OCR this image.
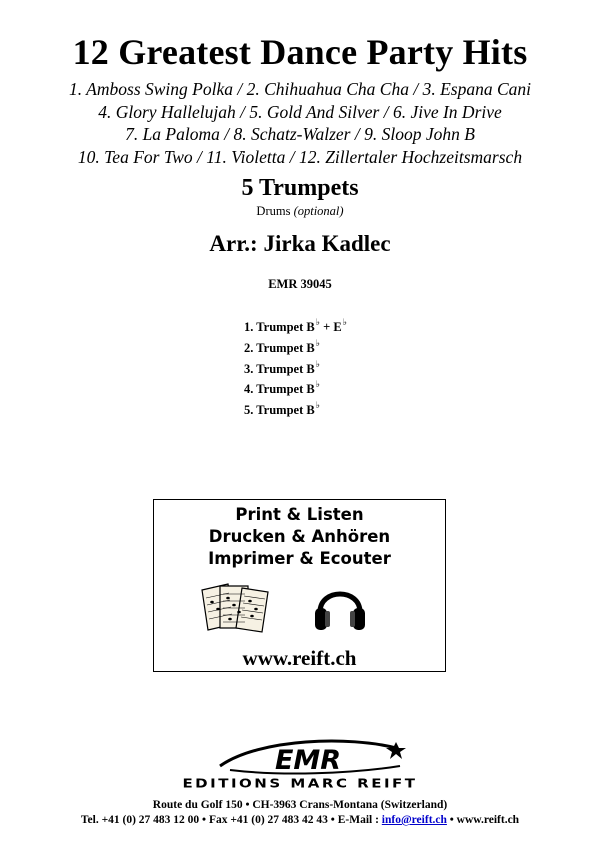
12 Greatest Dance Party Hits
1. Amboss Swing Polka / 2. Chihuahua Cha Cha / 3. Espana Cani
4. Glory Hallelujah / 5. Gold And Silver / 6. Jive In Drive
7. La Paloma / 8. Schatz-Walzer / 9. Sloop John B
10. Tea For Two / 11. Violetta / 12. Zillertaler Hochzeitsmarsch
5 Trumpets
Drums (optional)
Arr.: Jirka Kadlec
EMR 39045
1. Trumpet B♭ + E♭
2. Trumpet B♭
3. Trumpet B♭
4. Trumpet B♭
5. Trumpet B♭
Print & Listen
Drucken & Anhören
Imprimer & Ecouter
www.reift.ch
EMR
EDITIONS MARC REIFT
Route du Golf 150 • CH-3963 Crans-Montana (Switzerland)
Tel. +41 (0) 27 483 12 00 • Fax +41 (0) 27 483 42 43 • E-Mail : info@reift.ch • www.reift.ch
